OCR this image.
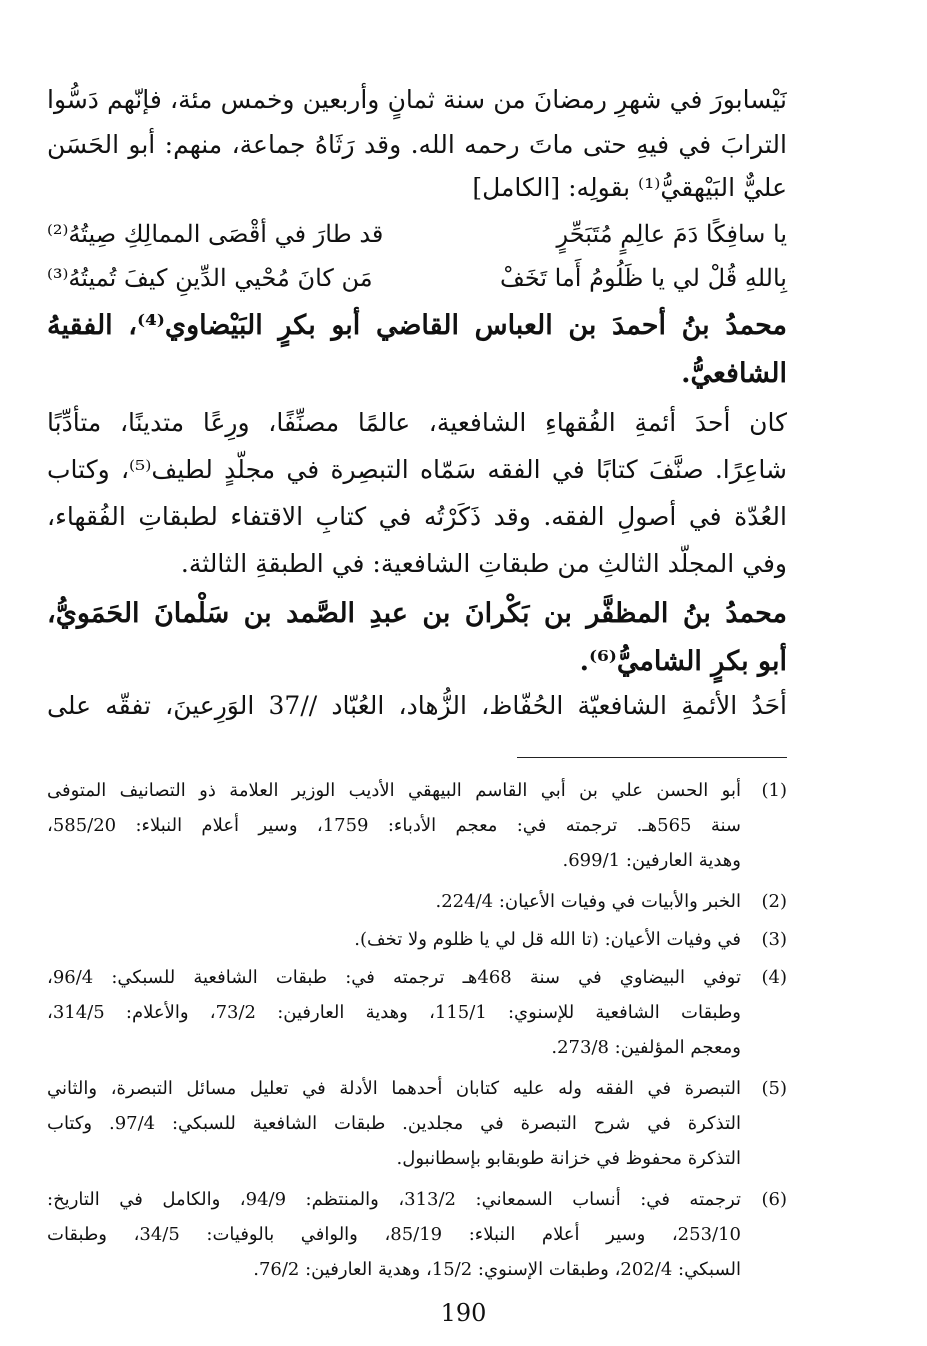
نَيْسابورَ في شهرِ رمضانَ من سنة ثمانٍ وأربعين وخمس مئة، فإنّهم دَسُّوا
الترابَ في فيهِ حتى ماتَ رحمه الله. وقد رَثَاهُ جماعة، منهم: أبو الحَسَن
عليٌّ البَيْهقيُّ⁽¹⁾ بقولِه: [الكامل]
يا سافِكًا دَمَ عالِمٍ مُتَبَحِّرٍ
قد طارَ في أقْصَى الممالِكِ صِيتُهُ⁽²⁾
بِاللهِ قُلْ لي يا ظَلُومُ أَما تَخَفْ
مَن كانَ مُحْيي الدِّينِ كيفَ تُميتُهُ⁽³⁾
محمدُ بنُ أحمدَ بن العباس القاضي أبو بكرٍ البَيْضاوي⁽⁴⁾، الفقيهُ
الشافعيُّ.
كان أحدَ أئمةِ الفُقهاءِ الشافعية، عالمًا مصنِّفًا، ورِعًا متدينًا، متأدِّبًا
شاعِرًا. صنَّفَ كتابًا في الفقه سَمّاه التبصِرة في مجلَّدٍ لطيف⁽⁵⁾، وكتاب
العُدّة في أصولِ الفقه. وقد ذَكَرْتُه في كتابِ الاقتفاء لطبقاتِ الفُقهاء،
وفي المجلَّد الثالثِ من طبقاتِ الشافعية: في الطبقةِ الثالثة.
محمدُ بنُ المظفَّر بن بَكْرانَ بن عبدِ الصَّمد بن سَلْمانَ الحَمَويُّ،
أبو بكرٍ الشاميُّ⁽⁶⁾.
أحَدُ الأئمةِ الشافعيّة الحُفّاظ، الزُّهاد، العُبّاد //37 الوَرِعينَ، تفقّه على
(1)
أبو الحسن علي بن أبي القاسم البيهقي الأديب الوزير العلامة ذو التصانيف المتوفى
سنة 565هـ. ترجمته في: معجم الأدباء: 1759، وسير أعلام النبلاء: 585/20،
وهدية العارفين: 699/1.
(2)
الخبر والأبيات في وفيات الأعيان: 224/4.
(3)
في وفيات الأعيان: (تا الله قل لي يا ظلوم ولا تخف).
(4)
توفي البيضاوي في سنة 468هـ ترجمته في: طبقات الشافعية للسبكي: 96/4،
وطبقات الشافعية للإسنوي: 115/1، وهدية العارفين: 73/2، والأعلام: 314/5،
ومعجم المؤلفين: 273/8.
(5)
التبصرة في الفقه وله عليه كتابان أحدهما الأدلة في تعليل مسائل التبصرة، والثاني
التذكرة في شرح التبصرة في مجلدين. طبقات الشافعية للسبكي: 97/4. وكتاب
التذكرة محفوظ في خزانة طوبقابو بإسطانبول.
(6)
ترجمته في: أنساب السمعاني: 313/2، والمنتظم: 94/9، والكامل في التاريخ:
253/10، وسير أعلام النبلاء: 85/19، والوافي بالوفيات: 34/5، وطبقات
السبكي: 202/4، وطبقات الإسنوي: 15/2، وهدية العارفين: 76/2.
190
